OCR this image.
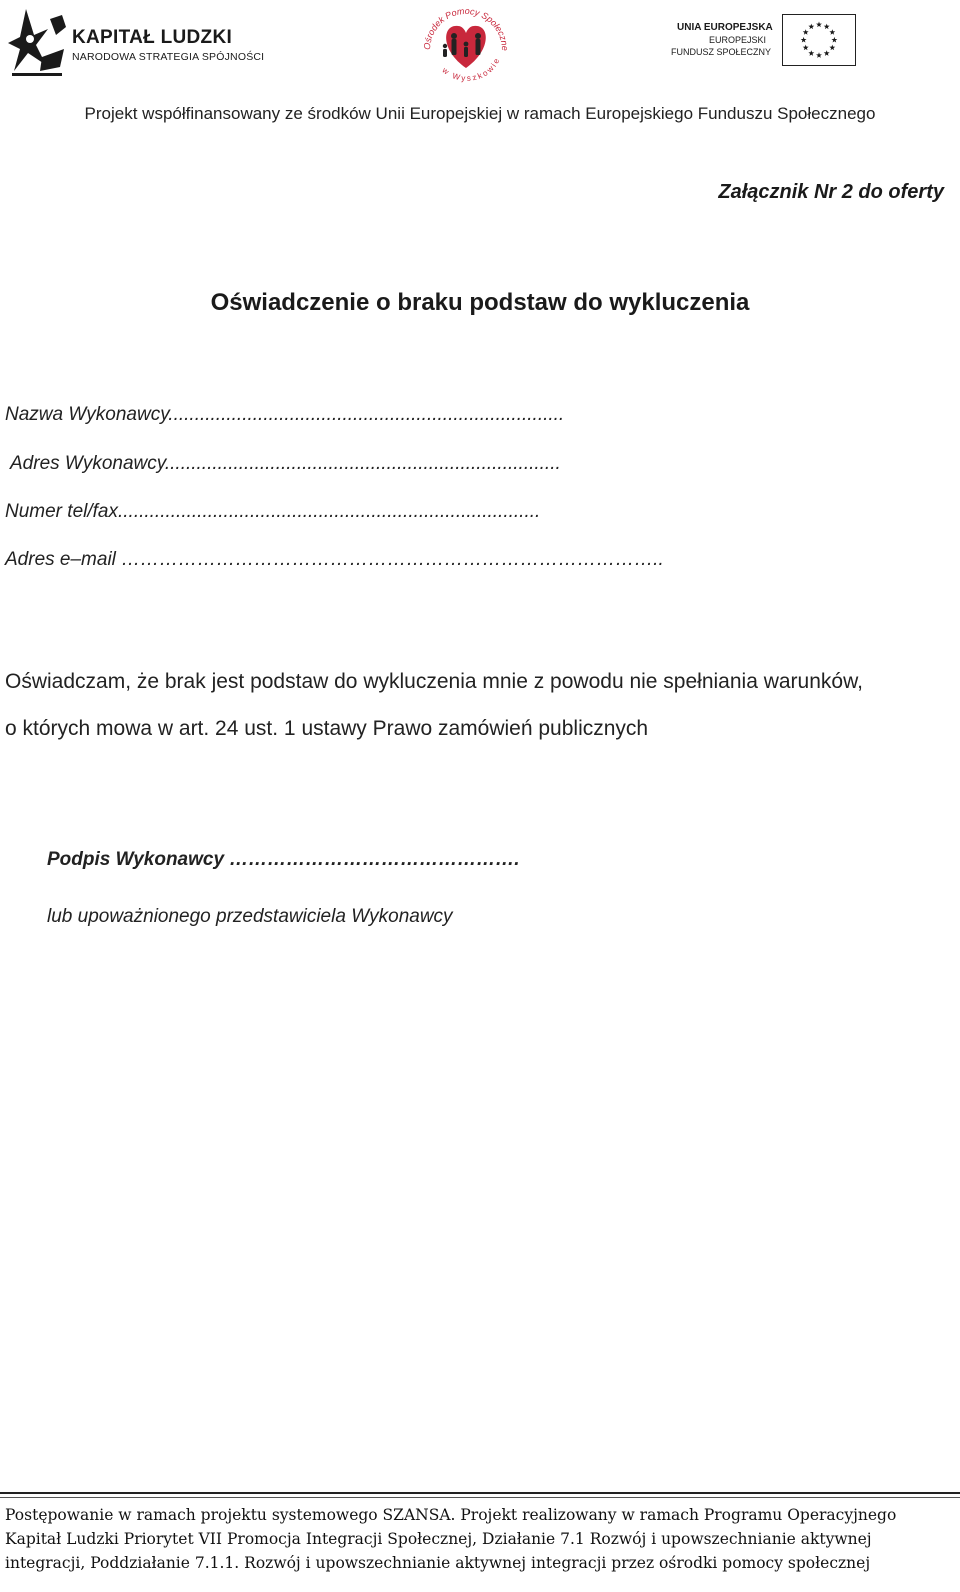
KAPITAŁ LUDZKI
NARODOWA STRATEGIA SPÓJNOŚCI
Ośrodek Pomocy Społeczne
w Wyszkowie
UNIA EUROPEJSKA
EUROPEJSKI
FUNDUSZ SPOŁECZNY
Projekt współfinansowany ze środków Unii Europejskiej w ramach Europejskiego Funduszu Społecznego
Załącznik Nr 2 do oferty
Oświadczenie o braku podstaw do wykluczenia
Nazwa Wykonawcy...........................................................................
Adres Wykonawcy...........................................................................
Numer tel/fax................................................................................
Adres e–mail …………………………………………………………………………..
Oświadczam, że brak jest podstaw do wykluczenia mnie z powodu nie spełniania warunków,
o których mowa w art. 24 ust. 1 ustawy Prawo zamówień publicznych
Podpis Wykonawcy ……………………………………….
lub upoważnionego przedstawiciela Wykonawcy
Postępowanie w ramach projektu systemowego SZANSA. Projekt realizowany w ramach Programu Operacyjnego
Kapitał Ludzki Priorytet VII Promocja Integracji Społecznej, Działanie 7.1 Rozwój i upowszechnianie aktywnej
integracji, Poddziałanie 7.1.1. Rozwój i upowszechnianie aktywnej integracji przez ośrodki pomocy społecznej
